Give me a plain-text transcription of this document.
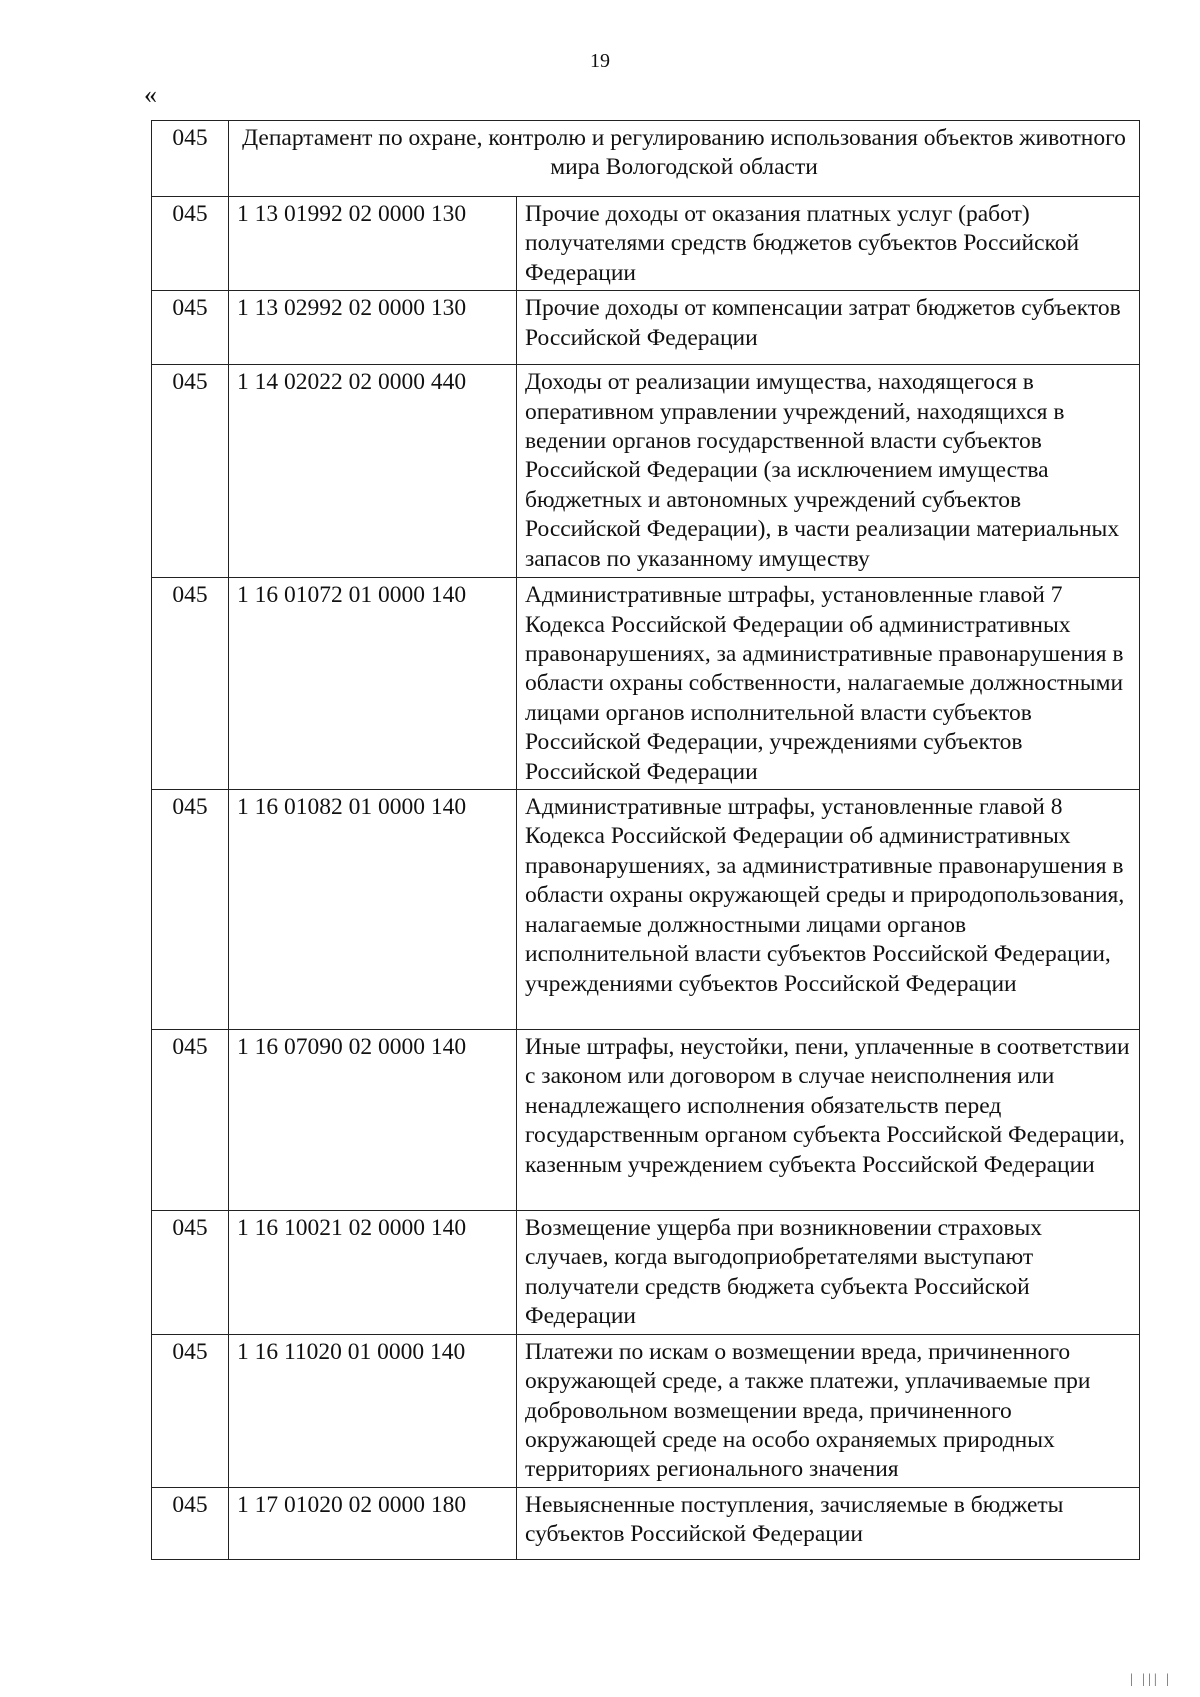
19
«
045	Департамент по охране, контролю и регулированию использования объектов животного мира Вологодской области	
045	1 13 01992 02 0000 130	Прочие доходы от оказания платных услуг (работ) получателями средств бюджетов субъектов Российской Федерации
045	1 13 02992 02 0000 130	Прочие доходы от компенсации затрат бюджетов субъектов Российской Федерации
045	1 14 02022 02 0000 440	Доходы от реализации имущества, находящегося в оперативном управлении учреждений, находящихся в ведении органов государственной власти субъектов Российской Федерации (за исключением имущества бюджетных и автономных учреждений субъектов Российской Федерации), в части реализации материальных запасов по указанному имуществу
045	1 16 01072 01 0000 140	Административные штрафы, установленные главой 7 Кодекса Российской Федерации об административных правонарушениях, за административные правонарушения в области охраны собственности, налагаемые должностными лицами органов исполнительной власти субъектов Российской Федерации, учреждениями субъектов Российской Федерации
045	1 16 01082 01 0000 140	Административные штрафы, установленные главой 8 Кодекса Российской Федерации об административных правонарушениях, за административные правонарушения в области охраны окружающей среды и природопользования, налагаемые должностными лицами органов исполнительной власти субъектов Российской Федерации, учреждениями субъектов Российской Федерации
045	1 16 07090 02 0000 140	Иные штрафы, неустойки, пени, уплаченные в соответствии с законом или договором в случае неисполнения или ненадлежащего исполнения обязательств перед государственным органом субъекта Российской Федерации, казенным учреждением субъекта Российской Федерации
045	1 16 10021 02 0000 140	Возмещение ущерба при возникновении страховых случаев, когда выгодоприобретателями выступают получатели средств бюджета субъекта Российской Федерации
045	1 16 11020 01 0000 140	Платежи по искам о возмещении вреда, причиненного окружающей среде, а также платежи, уплачиваемые при добровольном возмещении вреда, причиненного окружающей среде на особо охраняемых природных территориях регионального значения
045	1 17 01020 02 0000 180	Невыясненные поступления, зачисляемые в бюджеты субъектов Российской Федерации
| ||| |
